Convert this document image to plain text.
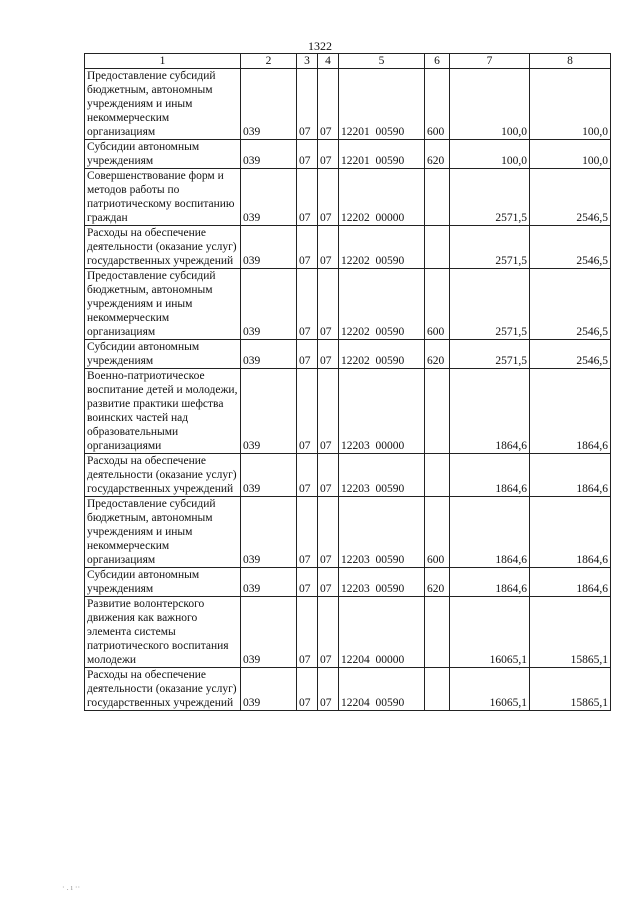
1322
1	2	3	4	5	6	7	8
Предоставление субсидий бюджетным, автономным учреждениям и иным некоммерческим организациям	039	07	07	12201  00590	600	100,0	100,0
Субсидии автономным учреждениям	039	07	07	12201  00590	620	100,0	100,0
Совершенствование форм и методов работы по патриотическому воспитанию граждан	039	07	07	12202  00000		2571,5	2546,5
Расходы на обеспечение деятельности (оказание услуг) государственных учреждений	039	07	07	12202  00590		2571,5	2546,5
Предоставление субсидий бюджетным, автономным учреждениям и иным некоммерческим организациям	039	07	07	12202  00590	600	2571,5	2546,5
Субсидии автономным учреждениям	039	07	07	12202  00590	620	2571,5	2546,5
Военно-патриотическое воспитание детей и молодежи, развитие практики шефства воинских частей над образовательными организациями	039	07	07	12203  00000		1864,6	1864,6
Расходы на обеспечение деятельности (оказание услуг) государственных учреждений	039	07	07	12203  00590		1864,6	1864,6
Предоставление субсидий бюджетным, автономным учреждениям и иным некоммерческим организациям	039	07	07	12203  00590	600	1864,6	1864,6
Субсидии автономным учреждениям	039	07	07	12203  00590	620	1864,6	1864,6
Развитие волонтерского движения как важного элемента системы патриотического воспитания молодежи	039	07	07	12204  00000		16065,1	15865,1
Расходы на обеспечение деятельности (оказание услуг) государственных учреждений	039	07	07	12204  00590		16065,1	15865,1
· . ı ··
